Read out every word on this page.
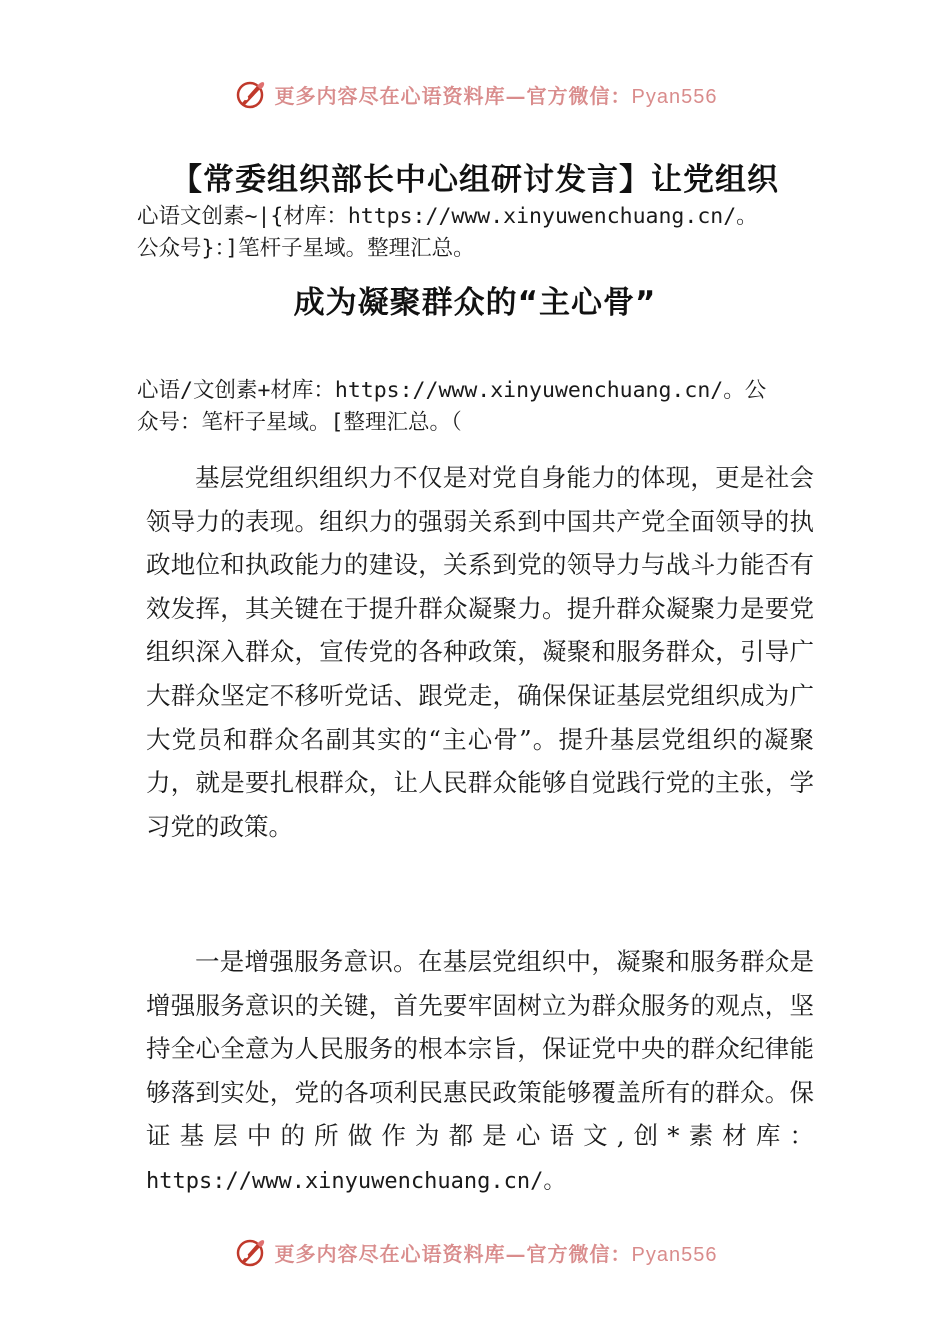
更多内容尽在心语资料库—官方微信：Pyan556
【常委组织部长中心组研讨发言】让党组织
心语文创素~|{材库：https://www.xinyuwenchuang.cn/。
公众号}：]笔杆子星域。整理汇总。
成为凝聚群众的“主心骨”
心语/文创素+材库：https://www.xinyuwenchuang.cn/。公
众号：笔杆子星域。[整理汇总。（

基层党组织组织力不仅是对党自身能力的体现，更是社会领导力的表现。组织力的强弱关系到中国共产党全面领导的执政地位和执政能力的建设，关系到党的领导力与战斗力能否有效发挥，其关键在于提升群众凝聚力。提升群众凝聚力是要党组织深入群众，宣传党的各种政策，凝聚和服务群众，引导广大群众坚定不移听党话、跟党走，确保保证基层党组织成为广大党员和群众名副其实的“主心骨”。提升基层党组织的凝聚力，就是要扎根群众，让人民群众能够自觉践行党的主张，学习党的政策。

一是增强服务意识。在基层党组织中，凝聚和服务群众是增强服务意识的关键，首先要牢固树立为群众服务的观点，坚持全心全意为人民服务的根本宗旨，保证党中央的群众纪律能够落到实处，党的各项利民惠民政策能够覆盖所有的群众。保证基层中的所做作为都是心语文,创*素材库：https://www.xinyuwenchuang.cn/。

更多内容尽在心语资料库—官方微信：Pyan556
